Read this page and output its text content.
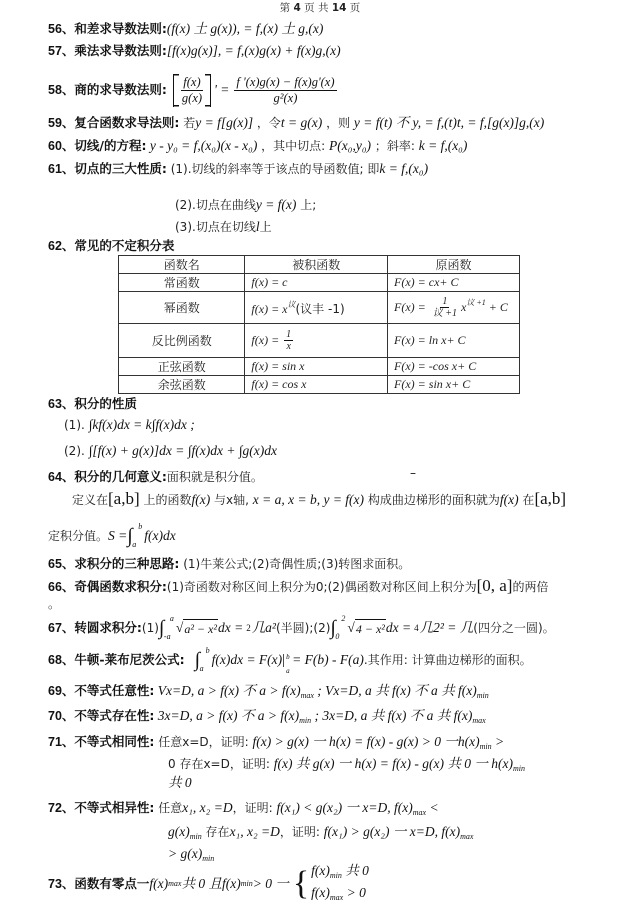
第 4 页 共 14 页
56、和差求导数法则:(f(x) 土 g(x)), = f,(x) 土 g,(x)
57、乘法求导数法则:[f(x)g(x)], = f,(x)g(x) + f(x)g,(x)
58、 商的求导数法则: $\frac{f(x)}{g(x)}$ ' = $\frac{f '(x)g(x) - f(x)g'(x)}{\text{g²(x)}}$
59、复合函数求导法则: 若y = f[g(x)] ，令t = g(x) ，则 y = f(t) 不 y, = f,(t)t, = f,[g(x)]g,(x)
60、切线/的方程: y - y₀ = f,(x₀)(x - x₀) ，其中切点: P(x₀,y₀) ；斜率: k = f,(x₀)
61、切点的三大性质: (1).切线的斜率等于该点的导函数值; 即k = f,(x₀)
(2).切点在曲线y = f(x) 上;
(3).切点在切线l上
62、常见的不定积分表
函数名	被积函数	原函数
常函数	f(x) = c	F(x) = cx+ C
幂函数	$f(x) = x^议$(议丰 -1)	$F(x) = \frac{1}{\text{议 +1}} x^{议 +1} + C$
反比例函数	$f(x) = \frac{1}{x}$	F(x) = ln x+ C
正弦函数	f(x) = sin x	F(x) = -cos x+ C
余弦函数	f(x) = cos x	F(x) = sin x+ C
63、积分的性质
(1). ∫kf(x)dx = k∫f(x)dx ;
(2). ∫[f(x) + g(x)]dx = ∫f(x)dx + ∫g(x)dx
64、积分的几何意义:面积就是积分值。	–
定义在[a,b] 上的函数f(x) 与x轴, x = a, x = b, y = f(x) 构成曲边梯形的面积就为f(x) 在[a,b]
定积分值。 S = ∫ b
a
f(x)dx
65、求积分的三种思路: (1)牛莱公式;(2)奇偶性质;(3)转图求面积。
66、奇偶函数求积分:(1)奇函数对称区间上积分为0;(2)偶函数对称区间上积分为[0, a]的两倍
。
67、 转圆求积分: (1) ∫ a
-a
√ a² − x² dx = 2 几a² (半圆); (2) ∫ 2
0
√ 4 − x² dx = 4 几2² = 几 (四分之一圆)。
68、 牛顿-莱布尼茨公式: ∫ b
a
f(x)dx = F(x) | b
a
= F(b) - F(a) .其作用: 计算曲边梯形的面积。
69、不等式任意性: Vx=D, a > f(x) 不 $a > f(x)_{max}$ ; Vx=D, a 共 f(x) 不 a 共 $f(x)_{min}$
70、不等式存在性: 3x=D, a > f(x) 不 $a > f(x)_{min}$ ; 3x=D, a 共 f(x) 不 a 共 $f(x)_{max}$
71、不等式相同性: 任意x=D，证明: f(x) > g(x) 一 h(x) = f(x) - g(x) > 0 一$h(x)_{min}$ >
0 存在x=D，证明: f(x) 共 g(x) 一 h(x) = f(x) - g(x) 共 0 一 $h(x)_{min}$
共 0
72、不等式相异性: 任意x₁, x₂ =D，证明: f(x₁) < g(x₂) 一 x=D, $f(x)_{max}$ <
$g(x)_{min}$ 存在x₁, x₂ =D，证明: f(x₁) > g(x₂) 一 x=D, $f(x)_{max}$
> $g(x)_{min}$
73、 函数有零点一 f(x) max 共 0 且 f(x) min > 0 一 { $f(x)_{min}$ 共 0
$f(x)_{max} > 0$
